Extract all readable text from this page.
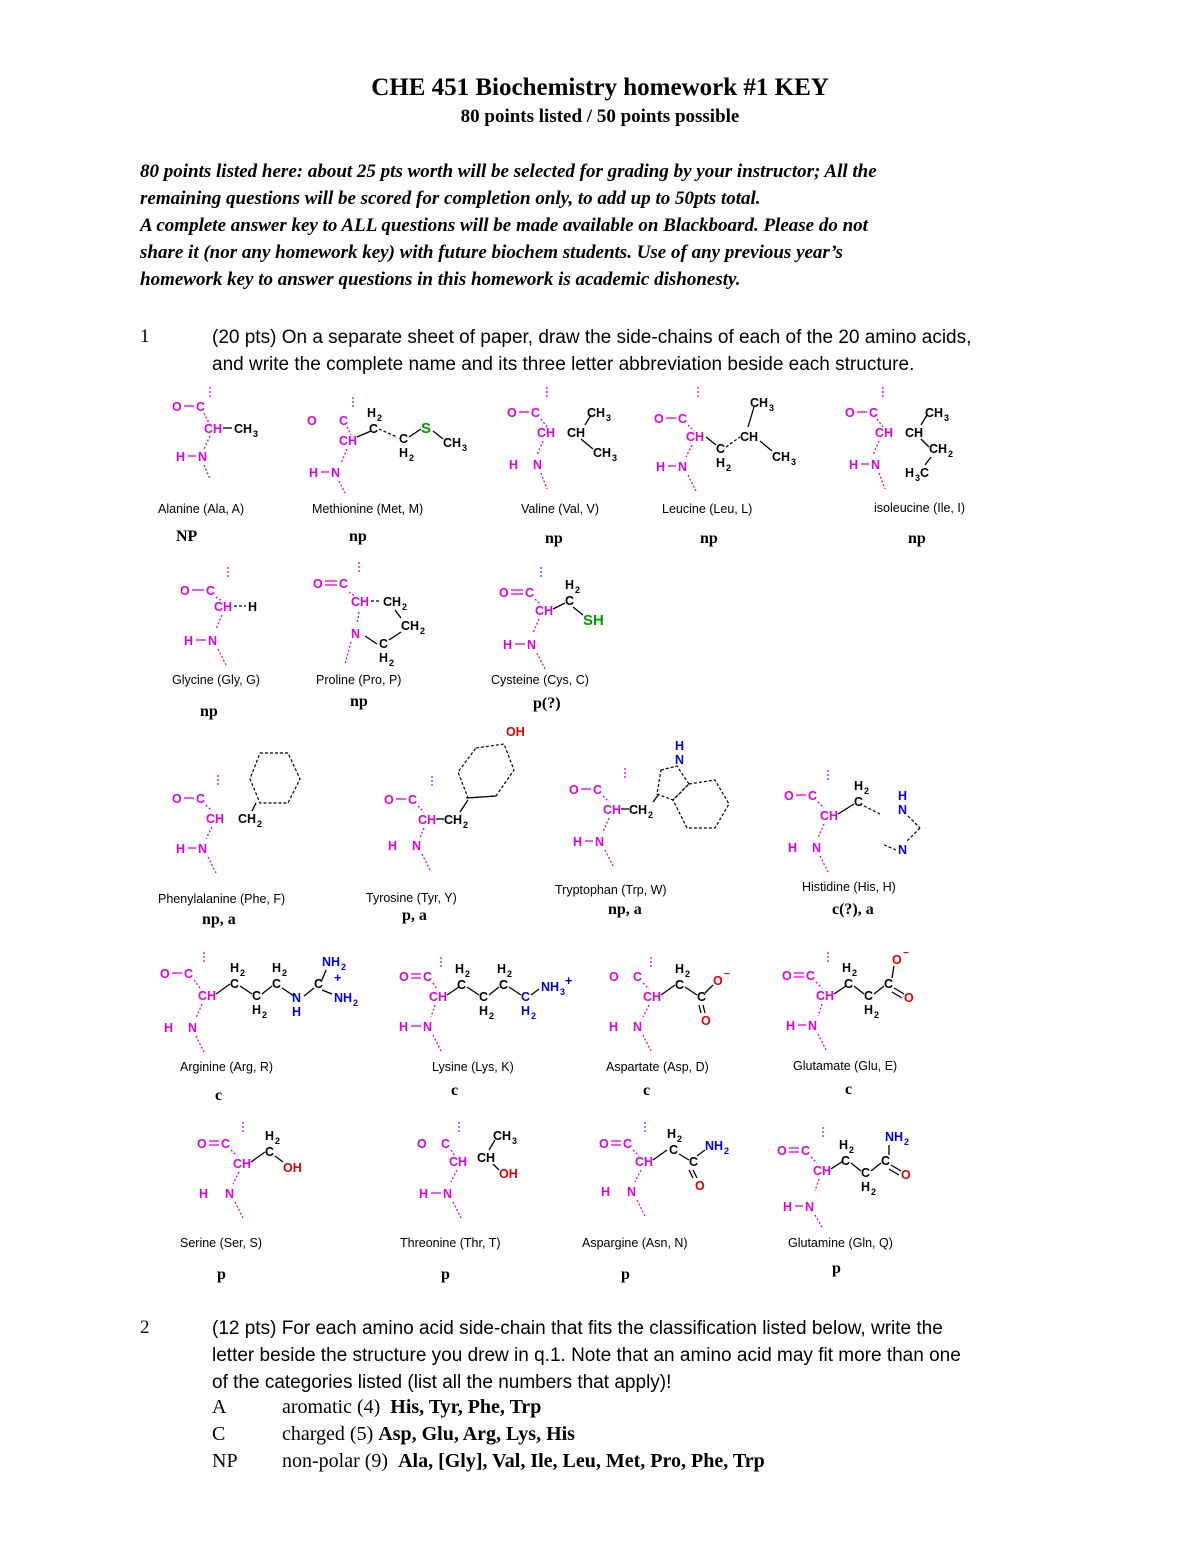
CHE 451 Biochemistry homework #1 KEY
80 points listed / 50 points possible
80 points listed here: about 25 pts worth will be selected for grading by your instructor; All the
remaining questions will be scored for completion only, to add up to 50pts total.
A complete answer key to ALL questions will be made available on Blackboard. Please do not
share it (nor any homework key) with future biochem students. Use of any previous year’s
homework key to answer questions in this homework is academic dishonesty.
1	(20 pts) On a separate sheet of paper, draw the side-chains of each of the 20 amino acids,
and write the complete name and its three letter abbreviation beside each structure.
O C
CH CH 3
H N
Alanine (Ala, A)
NP
O C
CH
H 2
C
C
H 2
S
CH 3
H N
Methionine (Met, M)
np
O C
CH CH
CH 3
CH 3
H N
Valine (Val, V)
np
O C
CH
C
H 2
CH
CH 3
CH 3
H N
Leucine (Leu, L)
np
O C
CH CH
CH 3
CH 2
H 3 C
H N
isoleucine (Ile, I)
np
O C
CH H
H N
Glycine (Gly, G)
np
O C
CH CH 2
CH 2
C
H 2
N
Proline (Pro, P)
np
O C
CH
H 2
C
SH
H N
Cysteine (Cys, C)
p(?)
O C
CH CH 2
H N
Phenylalanine (Phe, F)
np, a
OH
O C
CH CH 2
H N
Tyrosine (Tyr, Y)
p, a
H
N
O C
CH CH 2
H N
Tryptophan (Trp, W)
np, a
O C
CH
H 2
C	H
N
N
H N
Histidine (His, H)
c(?), a
O C
CH
H 2
C
C
H 2
H 2
C
N
H
C
NH 2
+
NH 2
H N
Arginine (Arg, R)
c
O C
CH
H 2
C
C
H 2
H 2
C
C
H 2
NH 3
+
H N
Lysine (Lys, K)
c
O C
CH
H 2
C
C
O −
O
H N
Aspartate (Asp, D)
c
O C
CH
H 2
C
C
H 2
C
O −
O
H N
Glutamate (Glu, E)
c
O C
CH
H 2
C
OH
H N
Serine (Ser, S)
p
O C
CH CH
CH 3
OH
H N
Threonine (Thr, T)
p
O C
CH
H 2
C
C
NH 2
O
H N
Aspargine (Asn, N)
p
O C
CH
H 2
C
C
H 2
C
NH 2
O
H N
Glutamine (Gln, Q)
p
2	(12 pts) For each amino acid side-chain that fits the classification listed below, write the
letter beside the structure you drew in q.1. Note that an amino acid may fit more than one
of the categories listed (list all the numbers that apply)!
A	aromatic (4) His, Tyr, Phe, Trp
C	charged (5) Asp, Glu, Arg, Lys, His
NP non-polar (9) Ala, [Gly], Val, Ile, Leu, Met, Pro, Phe, Trp
